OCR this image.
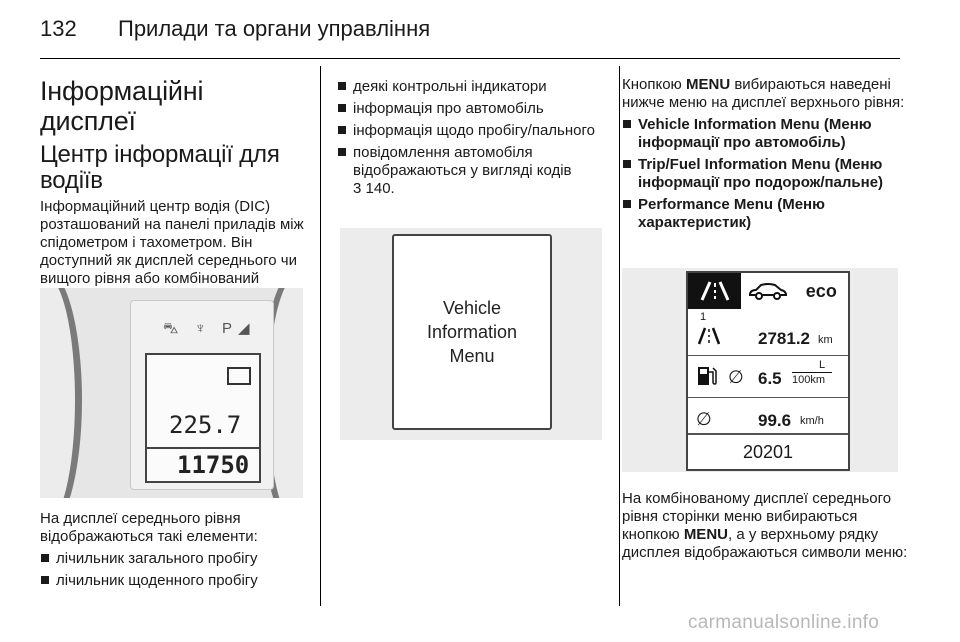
132 Прилади та органи управління
Інформаційні дисплеї
Центр інформації для водіїв

Інформаційний центр водія (DIC) розташований на панелі приладів між спідометром і тахометром. Він доступний як дисплей середнього чи вищого рівня або комбінований

⛍ ♆ P◢
225.7
11750

На дисплеї середнього рівня відображаються такі елементи:

лічильник загального пробігу
лічильник щоденного пробігу
деякі контрольні індикатори
інформація про автомобіль
інформація щодо пробігу/пального
повідомлення автомобіля відображаються у вигляді кодів
3 140.
Vehicle
Information
Menu

Кнопкою MENU вибираються наведені нижче меню на дисплеї верхнього рівня:

Vehicle Information Menu (Меню інформації про автомобіль)
Trip/Fuel Information Menu (Меню інформації про подорож/пальне)
Performance Menu (Меню характеристик)
eco
1
2781.2 km
∅ 6.5
L
100km
∅	99.6 km/h
20201

На комбінованому дисплеї середнього рівня сторінки меню вибираються кнопкою MENU, а у верхньому рядку дисплея відображаються символи меню:

carmanualsonline.info
